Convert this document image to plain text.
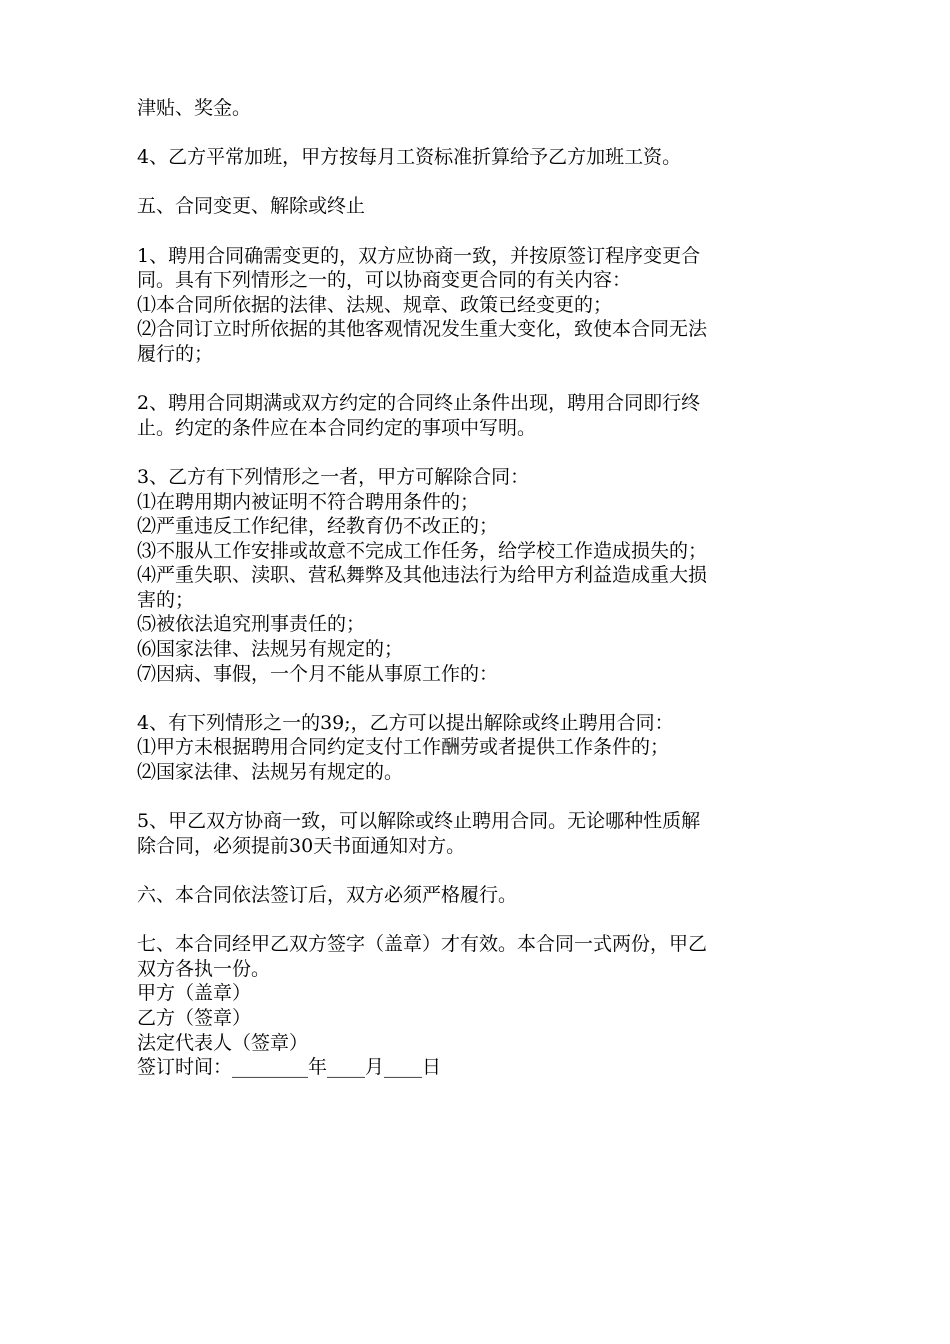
津贴、奖金。
4、乙方平常加班，甲方按每月工资标准折算给予乙方加班工资。
五、合同变更、解除或终止
1、聘用合同确需变更的，双方应协商一致，并按原签订程序变更合
同。具有下列情形之一的，可以协商变更合同的有关内容：
⑴本合同所依据的法律、法规、规章、政策已经变更的；
⑵合同订立时所依据的其他客观情况发生重大变化，致使本合同无法
履行的；
2、聘用合同期满或双方约定的合同终止条件出现，聘用合同即行终
止。约定的条件应在本合同约定的事项中写明。
3、乙方有下列情形之一者，甲方可解除合同：
⑴在聘用期内被证明不符合聘用条件的；
⑵严重违反工作纪律，经教育仍不改正的；
⑶不服从工作安排或故意不完成工作任务，给学校工作造成损失的；
⑷严重失职、渎职、营私舞弊及其他违法行为给甲方利益造成重大损
害的；
⑸被依法追究刑事责任的；
⑹国家法律、法规另有规定的；
⑺因病、事假，一个月不能从事原工作的：
4、有下列情形之一的39;，乙方可以提出解除或终止聘用合同：
⑴甲方未根据聘用合同约定支付工作酬劳或者提供工作条件的；
⑵国家法律、法规另有规定的。
5、甲乙双方协商一致，可以解除或终止聘用合同。无论哪种性质解
除合同，必须提前30天书面通知对方。
六、本合同依法签订后，双方必须严格履行。
七、本合同经甲乙双方签字（盖章）才有效。本合同一式两份，甲乙
双方各执一份。
甲方（盖章）
乙方（签章）
法定代表人（签章）
签订时间：________年____月____日
